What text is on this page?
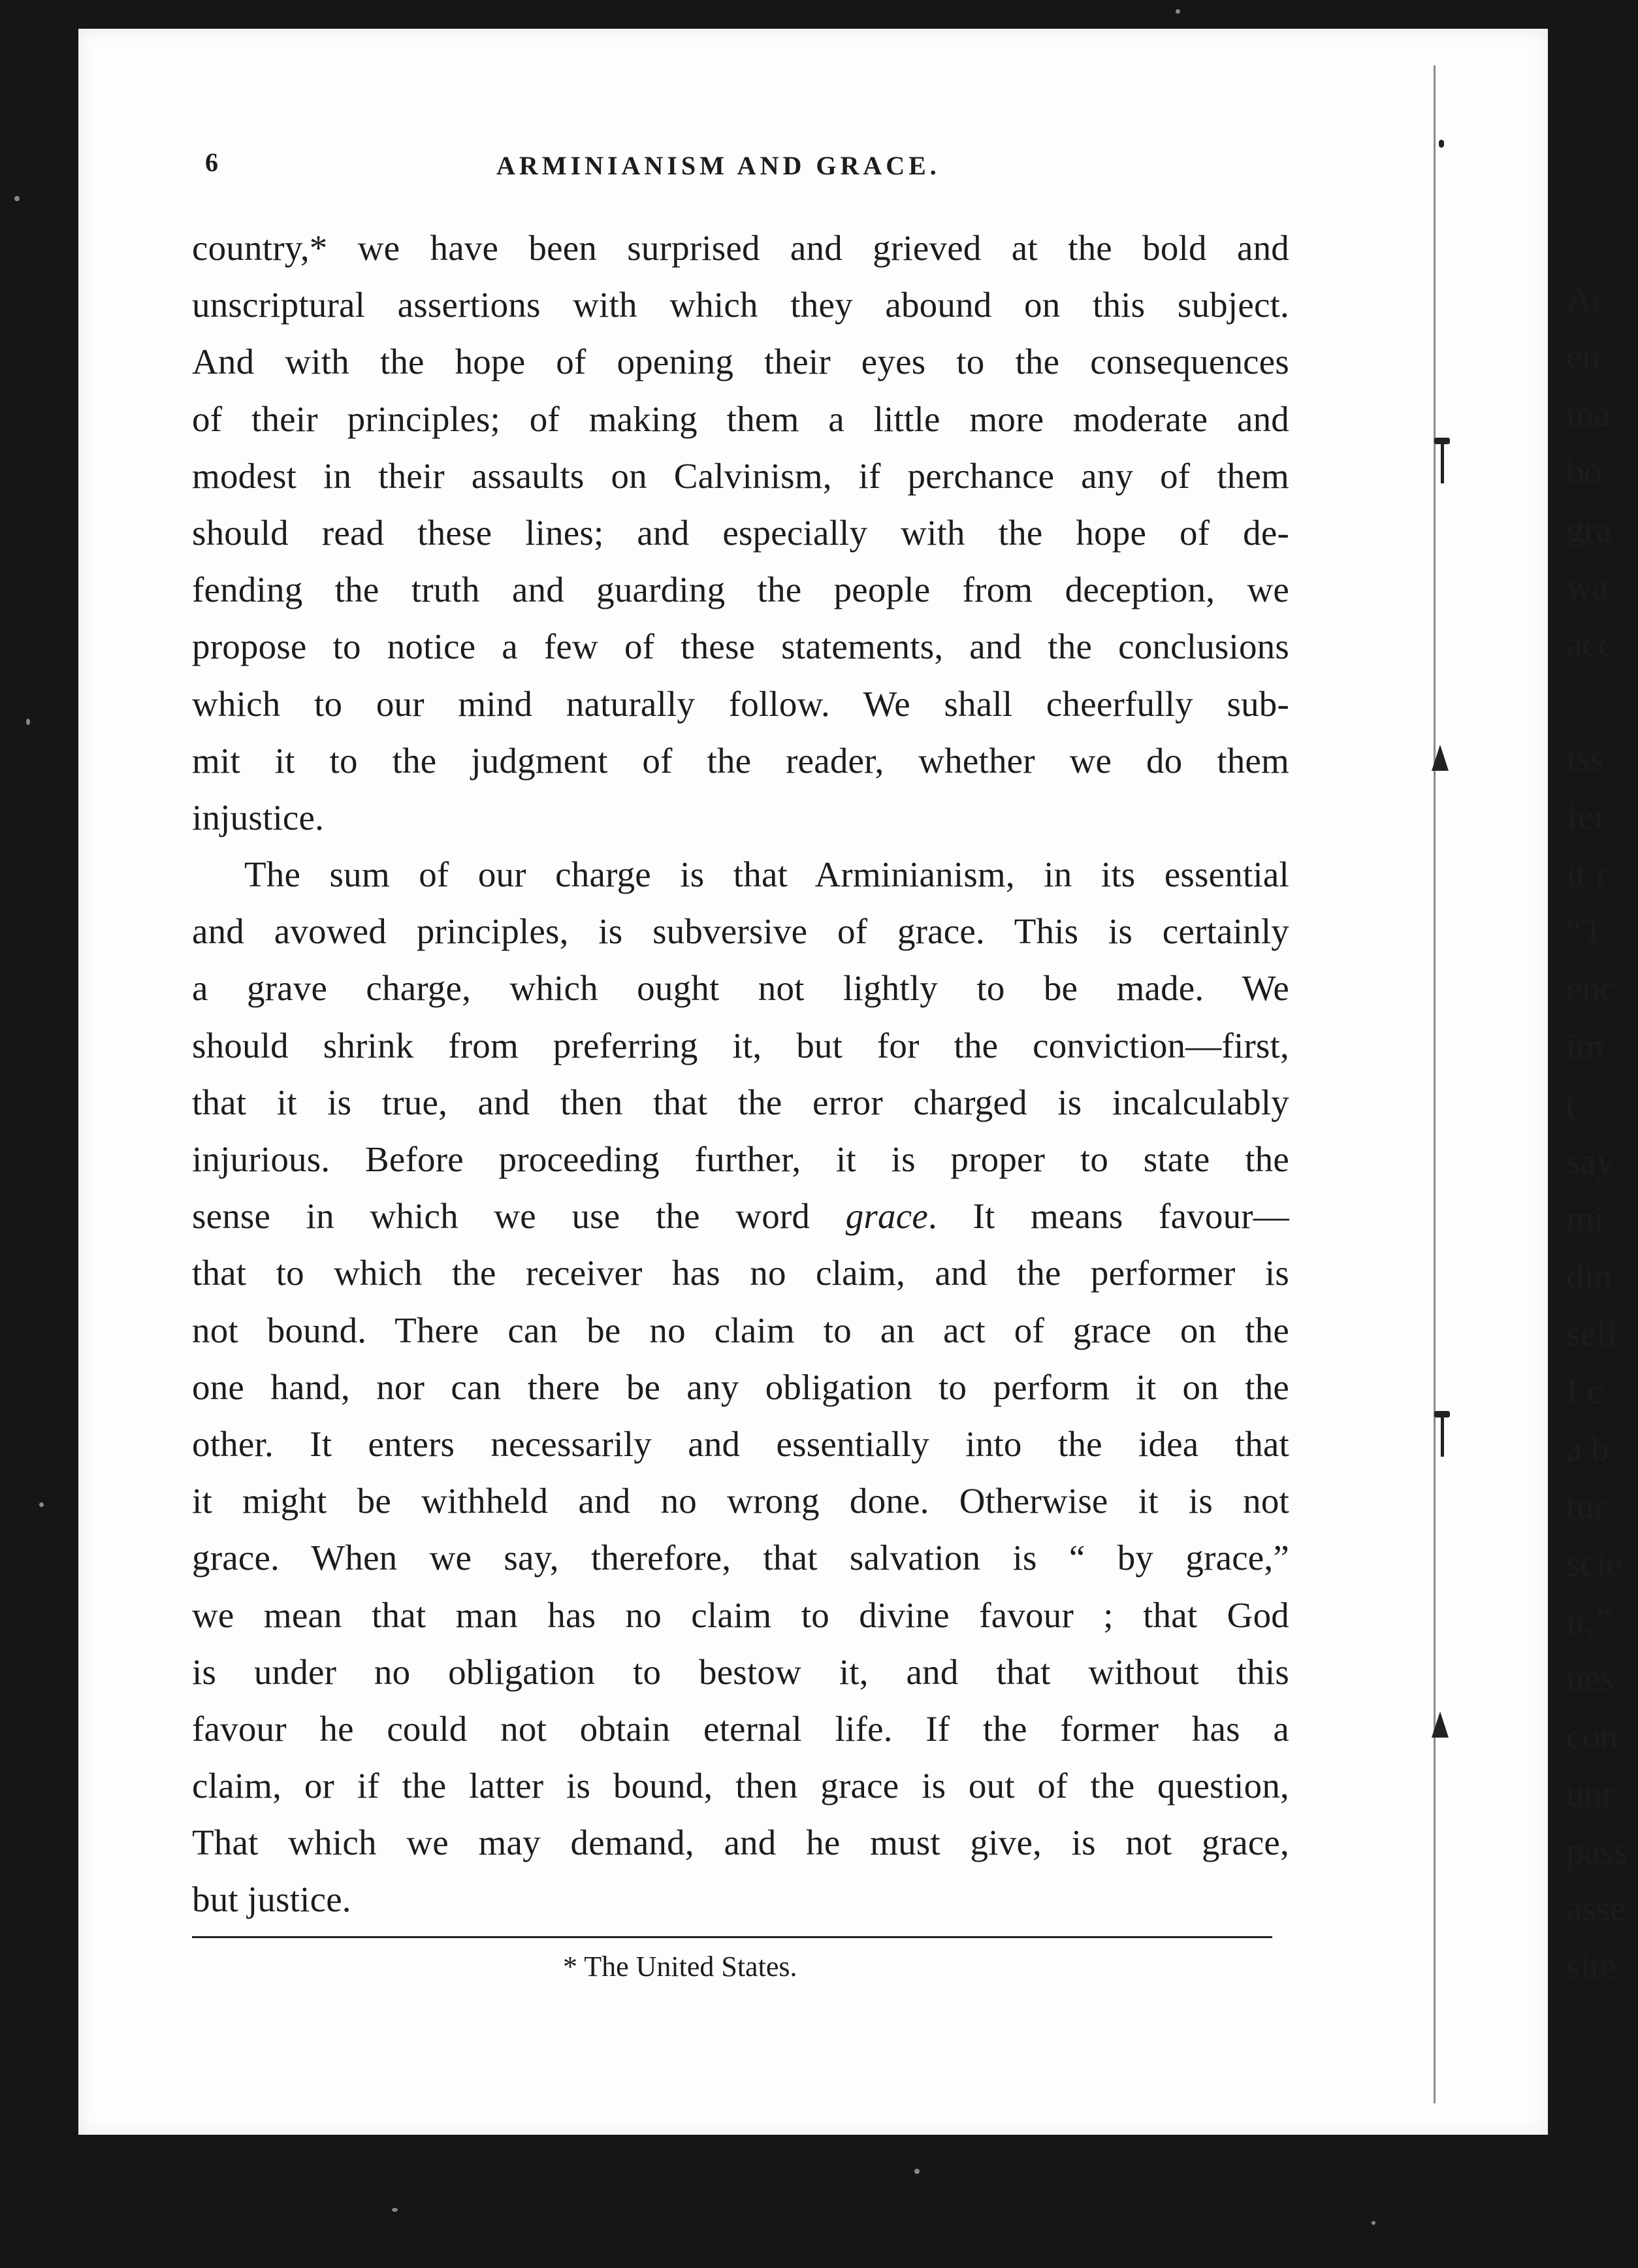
6	ARMINIANISM AND GRACE.
country,* we have been surprised and grieved at the bold and
unscriptural assertions with which they abound on this subject.
And with the hope of opening their eyes to the consequences
of their principles; of making them a little more moderate and
modest in their assaults on Calvinism, if perchance any of them
should read these lines; and especially with the hope of de-
fending the truth and guarding the people from deception, we
propose to notice a few of these statements, and the conclusions
which to our mind naturally follow. We shall cheerfully sub-
mit it to the judgment of the reader, whether we do them
injustice.
The sum of our charge is that Arminianism, in its essential
and avowed principles, is subversive of grace. This is certainly
a grave charge, which ought not lightly to be made. We
should shrink from preferring it, but for the conviction—first,
that it is true, and then that the error charged is incalculably
injurious. Before proceeding further, it is proper to state the
sense in which we use the word grace. It means favour—
that to which the receiver has no claim, and the performer is
not bound. There can be no claim to an act of grace on the
one hand, nor can there be any obligation to perform it on the
other. It enters necessarily and essentially into the idea that
it might be withheld and no wrong done. Otherwise it is not
grace. When we say, therefore, that salvation is “ by grace,”
we mean that man has no claim to divine favour ; that God
is under no obligation to bestow it, and that without this
favour he could not obtain eternal life. If the former has a
claim, or if the latter is bound, then grace is out of the question,
That which we may demand, and he must give, is not grace,
but justice.
* The United States.
Ar
en
ma
bo
gra
wa
acc
iss
fer
it r
“T
enc
im
(
say
mi
din
self
I c
a b
tur
scie
it,”
nes
con
unr
pass
asse
site
